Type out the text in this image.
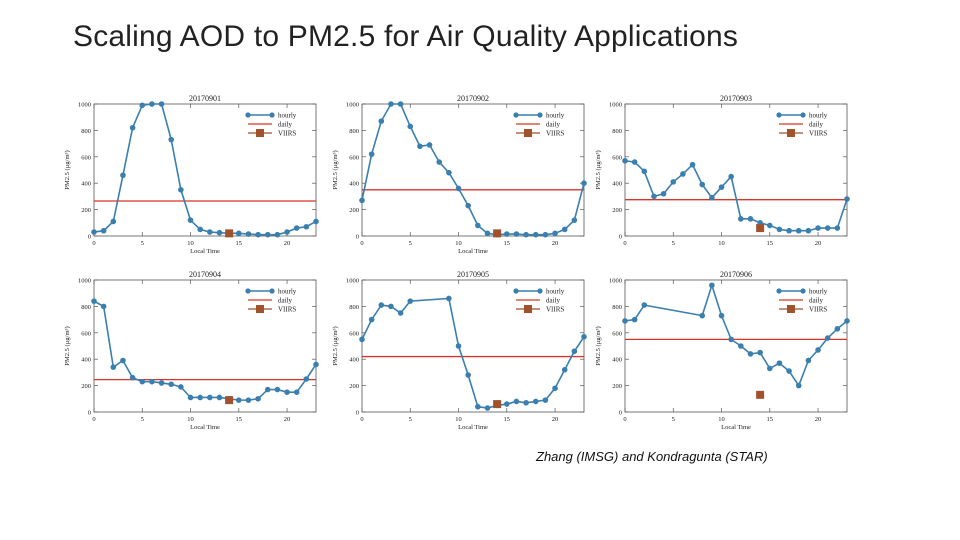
Scaling AOD to PM2.5 for Air Quality Applications
0
200
400
600
800
1000
0	5	10	15	20
20170901
Local Time
PM2.5 (µg/m³)
hourly
daily
VIIRS
0
200
400
600
800
1000
0	5	10	15	20
20170902
Local Time
PM2.5 (µg/m³)
hourly
daily
VIIRS
0
200
400
600
800
1000
0	5	10	15	20
20170903
PM2.5 (µg/m³)
hourly
daily
VIIRS
0
200
400
600
800
1000
0	5	10	15	20
20170904
Local Time
PM2.5 (µg/m³)
hourly
daily
VIIRS
0
200
400
600
800
1000
0	5	10	15	20
20170905
Local Time
PM2.5 (µg/m³)
hourly
daily
VIIRS
0
200
400
600
800
1000
0	5	10	15	20
20170906
Local Time
PM2.5 (µg/m³)
hourly
daily
VIIRS
Zhang (IMSG) and Kondragunta (STAR)
